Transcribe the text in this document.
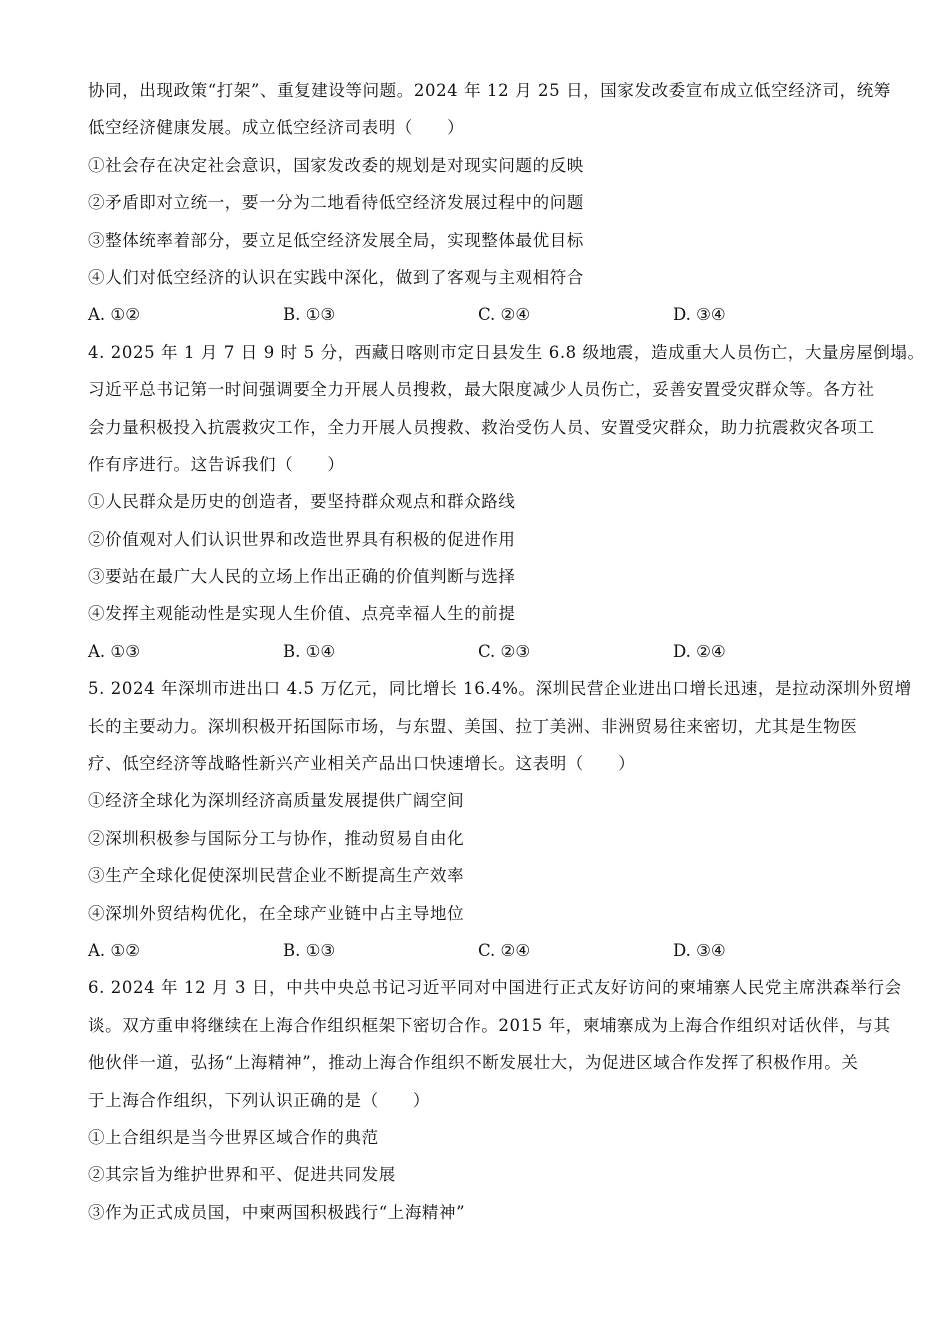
协同，出现政策“打架”、重复建设等问题。2024 年 12 月 25 日，国家发改委宣布成立低空经济司，统筹
低空经济健康发展。成立低空经济司表明（　　）
①社会存在决定社会意识，国家发改委的规划是对现实问题的反映
②矛盾即对立统一，要一分为二地看待低空经济发展过程中的问题
③整体统率着部分，要立足低空经济发展全局，实现整体最优目标
④人们对低空经济的认识在实践中深化，做到了客观与主观相符合
A. ①②	B. ①③	C. ②④	D. ③④
4. 2025 年 1 月 7 日 9 时 5 分，西藏日喀则市定日县发生 6.8 级地震，造成重大人员伤亡，大量房屋倒塌。
习近平总书记第一时间强调要全力开展人员搜救，最大限度减少人员伤亡，妥善安置受灾群众等。各方社
会力量积极投入抗震救灾工作，全力开展人员搜救、救治受伤人员、安置受灾群众，助力抗震救灾各项工
作有序进行。这告诉我们（　　）
①人民群众是历史的创造者，要坚持群众观点和群众路线
②价值观对人们认识世界和改造世界具有积极的促进作用
③要站在最广大人民的立场上作出正确的价值判断与选择
④发挥主观能动性是实现人生价值、点亮幸福人生的前提
A. ①③	B. ①④	C. ②③	D. ②④
5. 2024 年深圳市进出口 4.5 万亿元，同比增长 16.4%。深圳民营企业进出口增长迅速，是拉动深圳外贸增
长的主要动力。深圳积极开拓国际市场，与东盟、美国、拉丁美洲、非洲贸易往来密切，尤其是生物医
疗、低空经济等战略性新兴产业相关产品出口快速增长。这表明（　　）
①经济全球化为深圳经济高质量发展提供广阔空间
②深圳积极参与国际分工与协作，推动贸易自由化
③生产全球化促使深圳民营企业不断提高生产效率
④深圳外贸结构优化，在全球产业链中占主导地位
A. ①②	B. ①③	C. ②④	D. ③④
6. 2024 年 12 月 3 日，中共中央总书记习近平同对中国进行正式友好访问的柬埔寨人民党主席洪森举行会
谈。双方重申将继续在上海合作组织框架下密切合作。2015 年，柬埔寨成为上海合作组织对话伙伴，与其
他伙伴一道，弘扬“上海精神”，推动上海合作组织不断发展壮大，为促进区域合作发挥了积极作用。关
于上海合作组织，下列认识正确的是（　　）
①上合组织是当今世界区域合作的典范
②其宗旨为维护世界和平、促进共同发展
③作为正式成员国，中柬两国积极践行“上海精神”
